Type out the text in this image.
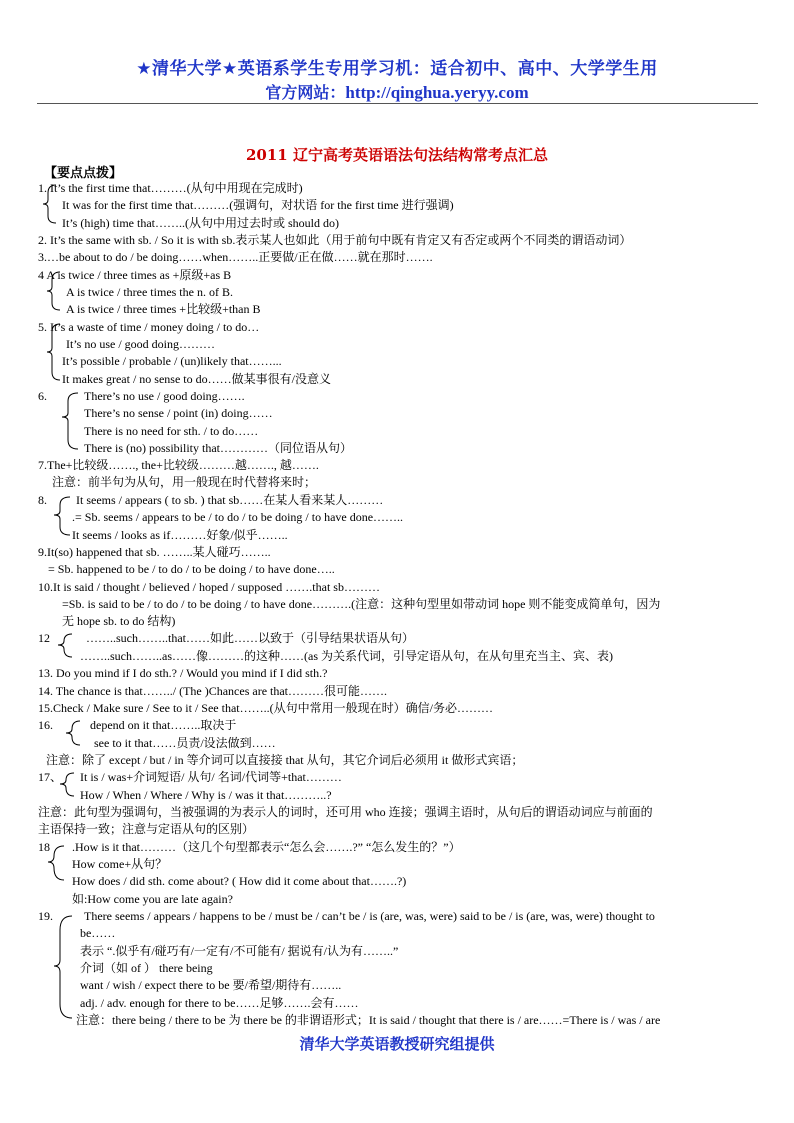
★清华大学★英语系学生专用学习机：适合初中、高中、大学学生用
官方网站：http://qinghua.yeryy.com
2011 辽宁高考英语语法句法结构常考点汇总
【要点点拨】
1. It’s the first time that………(从句中用现在完成时)
It was for the first time that………(强调句，对状语 for the first time 进行强调)
It’s (high) time that……..(从句中用过去时或 should do)
2. It’s the same with sb. / So it is with sb.表示某人也如此（用于前句中既有肯定又有否定或两个不同类的谓语动词）
3.…be about to do / be doing……when……..正要做/正在做……就在那时…….
4 A is twice / three times as +原级+as B
A is twice / three times the n. of B.
A is twice / three times +比较级+than B
5. It’s a waste of time / money doing / to do…
It’s no use / good doing………
It’s possible / probable / (un)likely that……...
It makes great / no sense to do……做某事很有/没意义
6.	There’s no use / good doing…….
There’s no sense / point (in) doing……
There is no need for sth. / to do……
There is (no) possibility that…………（同位语从句）
7.The+比较级……., the+比较级………越……., 越…….
注意：前半句为从句，用一般现在时代替将来时；
8. It seems / appears ( to sb. ) that sb……在某人看来某人………
.= Sb. seems / appears to be / to do / to be doing / to have done……..
It seems / looks as if………好象/似乎……..
9.It(so) happened that sb. ……..某人碰巧……..
= Sb. happened to be / to do / to be doing / to have done…..
10.It is said / thought / believed / hoped / supposed …….that sb………
=Sb. is said to be / to do / to be doing / to have done……….(注意：这种句型里如带动词 hope 则不能变成简单句，因为
无 hope sb. to do 结构)
12	……..such……..that……如此……以致于（引导结果状语从句）
……..such……..as……像………的这种……(as 为关系代词，引导定语从句，在从句里充当主、宾、表)
13. Do you mind if I do sth.? / Would you mind if I did sth.?
14. The chance is that……../ (The )Chances are that………很可能…….
15.Check / Make sure / See to it / See that……..(从句中常用一般现在时）确信/务必………
16.	depend on it that……..取决于
see to it that……员责/设法做到……
注意：除了 except / but / in 等介词可以直接接 that 从句，其它介词后必须用 it 做形式宾语；
17、 It is / was+介词短语/ 从句/ 名词/代词等+that………
How / When / Where / Why is / was it that………..?
注意：此句型为强调句，当被强调的为表示人的词时，还可用 who 连接；强调主语时，从句后的谓语动词应与前面的
主语保持一致；注意与定语从句的区别）
18 .How is it that………（这几个句型都表示“怎么会…….?” “怎么发生的？”）
How come+从句？
How does / did sth. come about? ( How did it come about that…….?)
如:How come you are late again?
19.	There seems / appears / happens to be / must be / can’t be / is (are, was, were) said to be / is (are, was, were) thought to
be……
表示 “.似乎有/碰巧有/一定有/不可能有/ 据说有/认为有……..”
介词（如 of ） there being
want / wish / expect there to be 要/希望/期待有……..
adj. / adv. enough for there to be……足够…….会有……
注意：there being / there to be 为 there be 的非谓语形式；It is said / thought that there is / are……=There is / was / are
清华大学英语教授研究组提供
